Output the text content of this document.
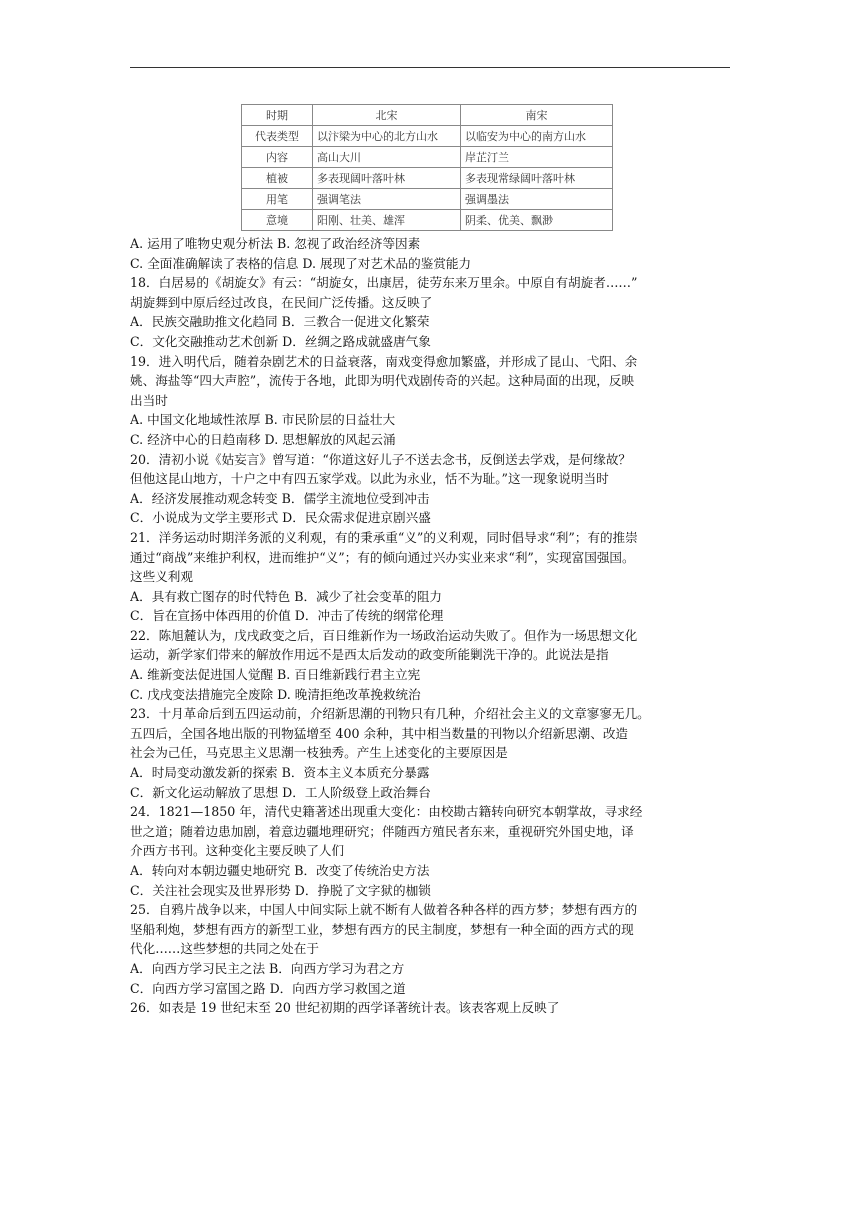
时期	北宋	南宋
代表类型	以汴梁为中心的北方山水	以临安为中心的南方山水
内容	高山大川	岸芷汀兰
植被	多表现阔叶落叶林	多表现常绿阔叶落叶林
用笔	强调笔法	强调墨法
意境	阳刚、壮美、雄浑	阴柔、优美、飘渺
A. 运用了唯物史观分析法 B. 忽视了政治经济等因素
C. 全面准确解读了表格的信息 D. 展现了对艺术品的鉴赏能力
18．白居易的《胡旋女》有云：“胡旋女，出康居，徒劳东来万里余。中原自有胡旋者……”
胡旋舞到中原后经过改良，在民间广泛传播。这反映了
A．民族交融助推文化趋同 B．三教合一促进文化繁荣
C．文化交融推动艺术创新 D．丝绸之路成就盛唐气象
19．进入明代后，随着杂剧艺术的日益衰落，南戏变得愈加繁盛，并形成了昆山、弋阳、余
姚、海盐等“四大声腔”，流传于各地，此即为明代戏剧传奇的兴起。这种局面的出现，反映
出当时
A. 中国文化地域性浓厚 B. 市民阶层的日益壮大
C. 经济中心的日趋南移 D. 思想解放的风起云涌
20．清初小说《姑妄言》曾写道：“你道这好儿子不送去念书，反倒送去学戏，是何缘故？
但他这昆山地方，十户之中有四五家学戏。以此为永业，恬不为耻。”这一现象说明当时
A．经济发展推动观念转变 B．儒学主流地位受到冲击
C．小说成为文学主要形式 D．民众需求促进京剧兴盛
21．洋务运动时期洋务派的义利观，有的秉承重“义”的义利观，同时倡导求“利”；有的推崇
通过“商战”来维护利权，进而维护“义”；有的倾向通过兴办实业来求“利”，实现富国强国。
这些义利观
A．具有救亡图存的时代特色 B．减少了社会变革的阻力
C．旨在宣扬中体西用的价值 D．冲击了传统的纲常伦理
22．陈旭麓认为，戊戌政变之后，百日维新作为一场政治运动失败了。但作为一场思想文化
运动，新学家们带来的解放作用远不是西太后发动的政变所能剿洗干净的。此说法是指
A. 维新变法促进国人觉醒 B. 百日维新践行君主立宪
C. 戊戌变法措施完全废除 D. 晚清拒绝改革挽救统治
23．十月革命后到五四运动前，介绍新思潮的刊物只有几种，介绍社会主义的文章寥寥无几。
五四后，全国各地出版的刊物猛增至 400 余种，其中相当数量的刊物以介绍新思潮、改造
社会为己任，马克思主义思潮一枝独秀。产生上述变化的主要原因是
A．时局变动激发新的探索 B．资本主义本质充分暴露
C．新文化运动解放了思想 D．工人阶级登上政治舞台
24．1821—1850 年，清代史籍著述出现重大变化：由校勘古籍转向研究本朝掌故，寻求经
世之道；随着边患加剧，着意边疆地理研究；伴随西方殖民者东来，重视研究外国史地，译
介西方书刊。这种变化主要反映了人们
A．转向对本朝边疆史地研究 B．改变了传统治史方法
C．关注社会现实及世界形势 D．挣脱了文字狱的枷锁
25．自鸦片战争以来，中国人中间实际上就不断有人做着各种各样的西方梦；梦想有西方的
坚船利炮，梦想有西方的新型工业，梦想有西方的民主制度，梦想有一种全面的西方式的现
代化……这些梦想的共同之处在于
A．向西方学习民主之法 B．向西方学习为君之方
C．向西方学习富国之路 D．向西方学习救国之道
26．如表是 19 世纪末至 20 世纪初期的西学译著统计表。该表客观上反映了
